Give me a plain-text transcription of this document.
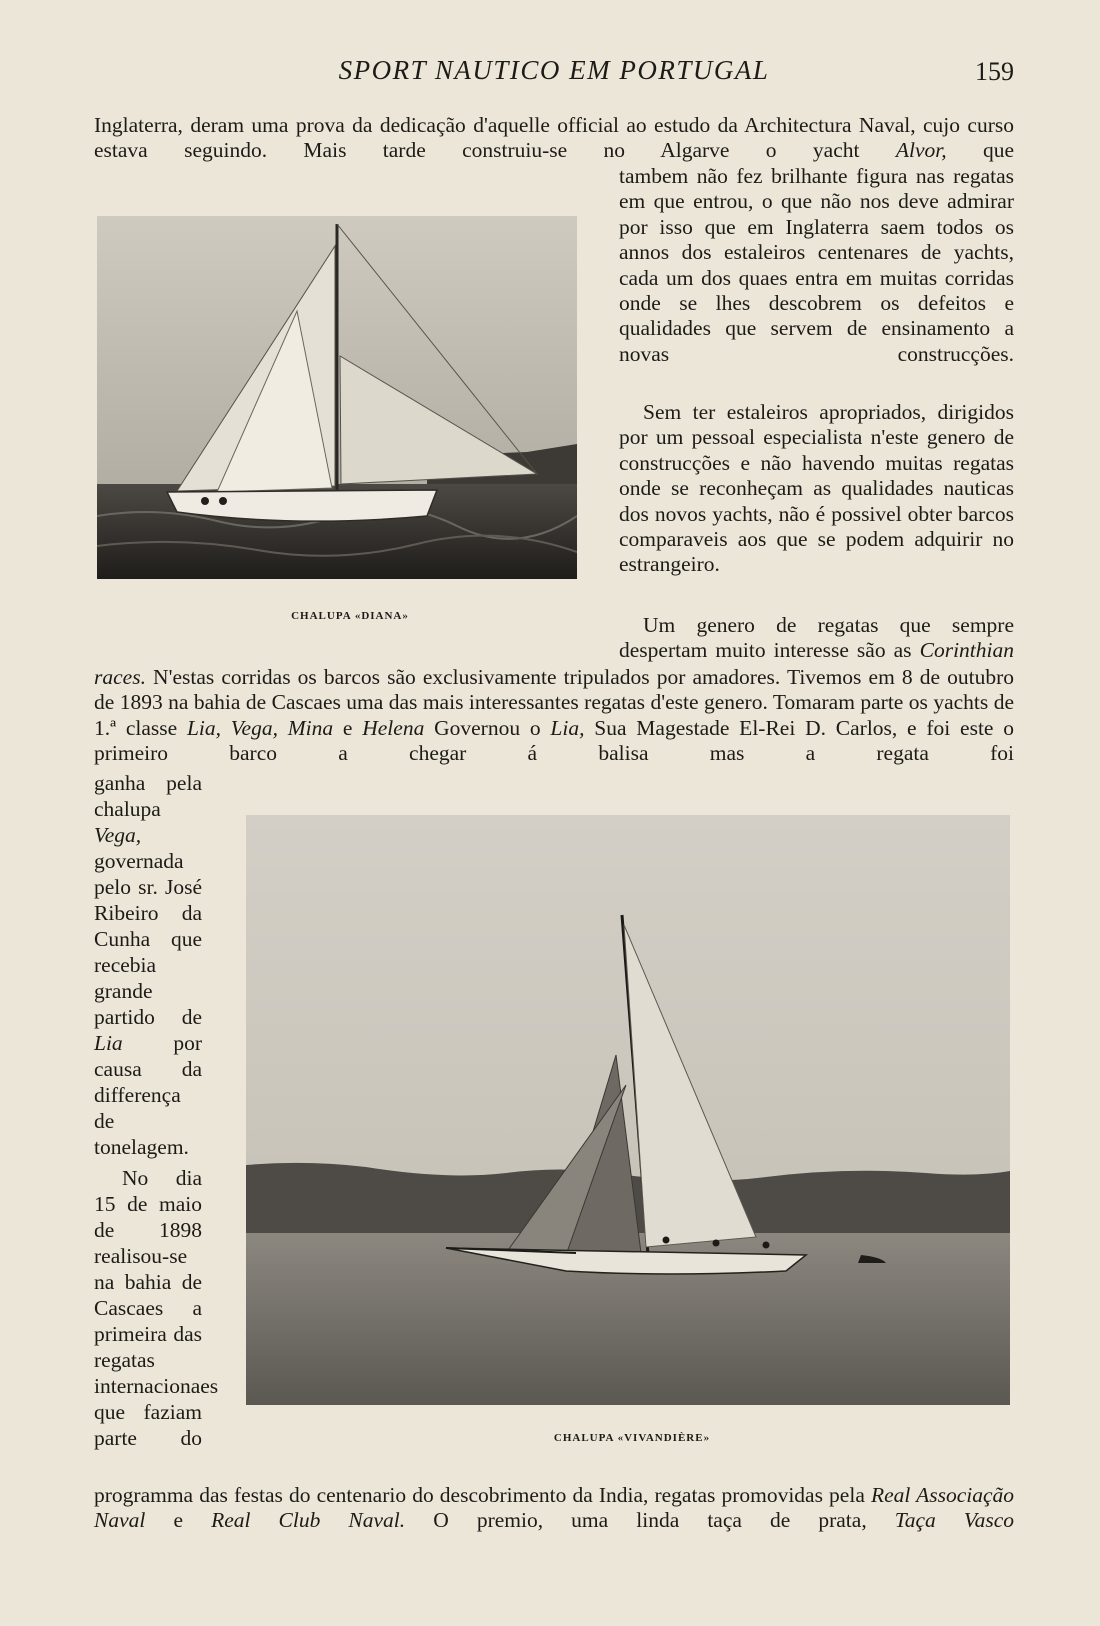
SPORT NAUTICO EM PORTUGAL	159

Inglaterra, deram uma prova da dedicação d'aquelle official ao estudo da Architectura Naval, cujo curso estava seguindo. Mais tarde construiu-se no Algarve o yacht Alvor, que

tambem não fez brilhante figura nas regatas em que entrou, o que não nos deve admirar por isso que em Inglaterra saem todos os annos dos estaleiros centenares de yachts, cada um dos quaes entra em muitas corridas onde se lhes descobrem os defeitos e qualidades que servem de ensinamento a novas construcções.

Sem ter estaleiros apropriados, dirigidos por um pessoal especialista n'este genero de construcções e não havendo muitas regatas onde se reconheçam as qualidades nauticas dos novos yachts, não é possivel obter barcos comparaveis aos que se podem adquirir no estrangeiro.

Um genero de regatas que sempre despertam muito interesse são as Corinthian

CHALUPA «DIANA»

races. N'estas corridas os barcos são exclusivamente tripulados por amadores. Tivemos em 8 de outubro de 1893 na bahia de Cascaes uma das mais interessantes regatas d'este genero. Tomaram parte os yachts de 1.ª classe Lia, Vega, Mina e Helena Governou o Lia, Sua Magestade El-Rei D. Carlos, e foi este o primeiro barco a chegar á balisa mas a regata foi

ganha pela chalupa Vega, governada pelo sr. José Ribeiro da Cunha que recebia grande partido de Lia por causa da differença de tonelagem.

No dia 15 de maio de 1898 realisou-se na bahia de Cascaes a primeira das regatas internacionaes que faziam parte do	CHALUPA «VIVANDIÈRE»

programma das festas do centenario do descobrimento da India, regatas promovidas pela Real Associação Naval e Real Club Naval. O premio, uma linda taça de prata, Taça Vasco
